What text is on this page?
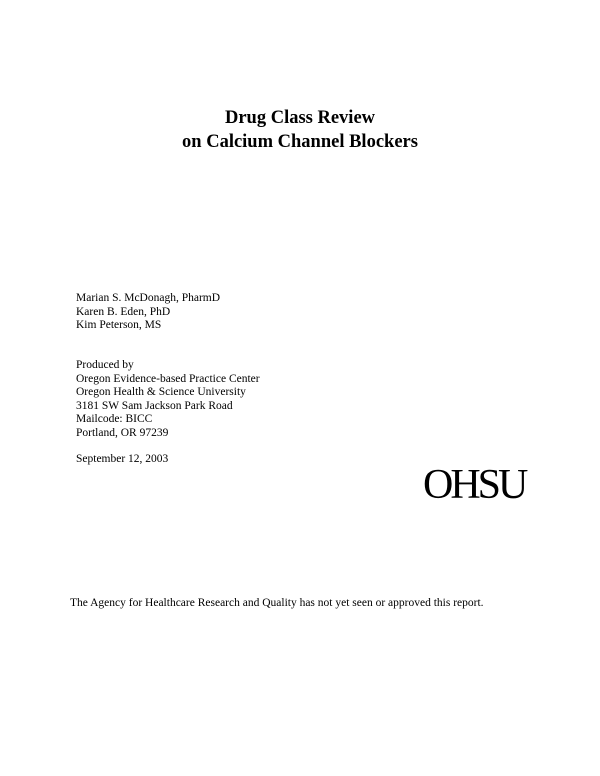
Drug Class Review
on Calcium Channel Blockers
Marian S. McDonagh, PharmD
Karen B. Eden, PhD
Kim Peterson, MS
Produced by
Oregon Evidence-based Practice Center
Oregon Health & Science University
3181 SW Sam Jackson Park Road
Mailcode: BICC
Portland, OR 97239
September 12, 2003
OHSU
The Agency for Healthcare Research and Quality has not yet seen or approved this report.
